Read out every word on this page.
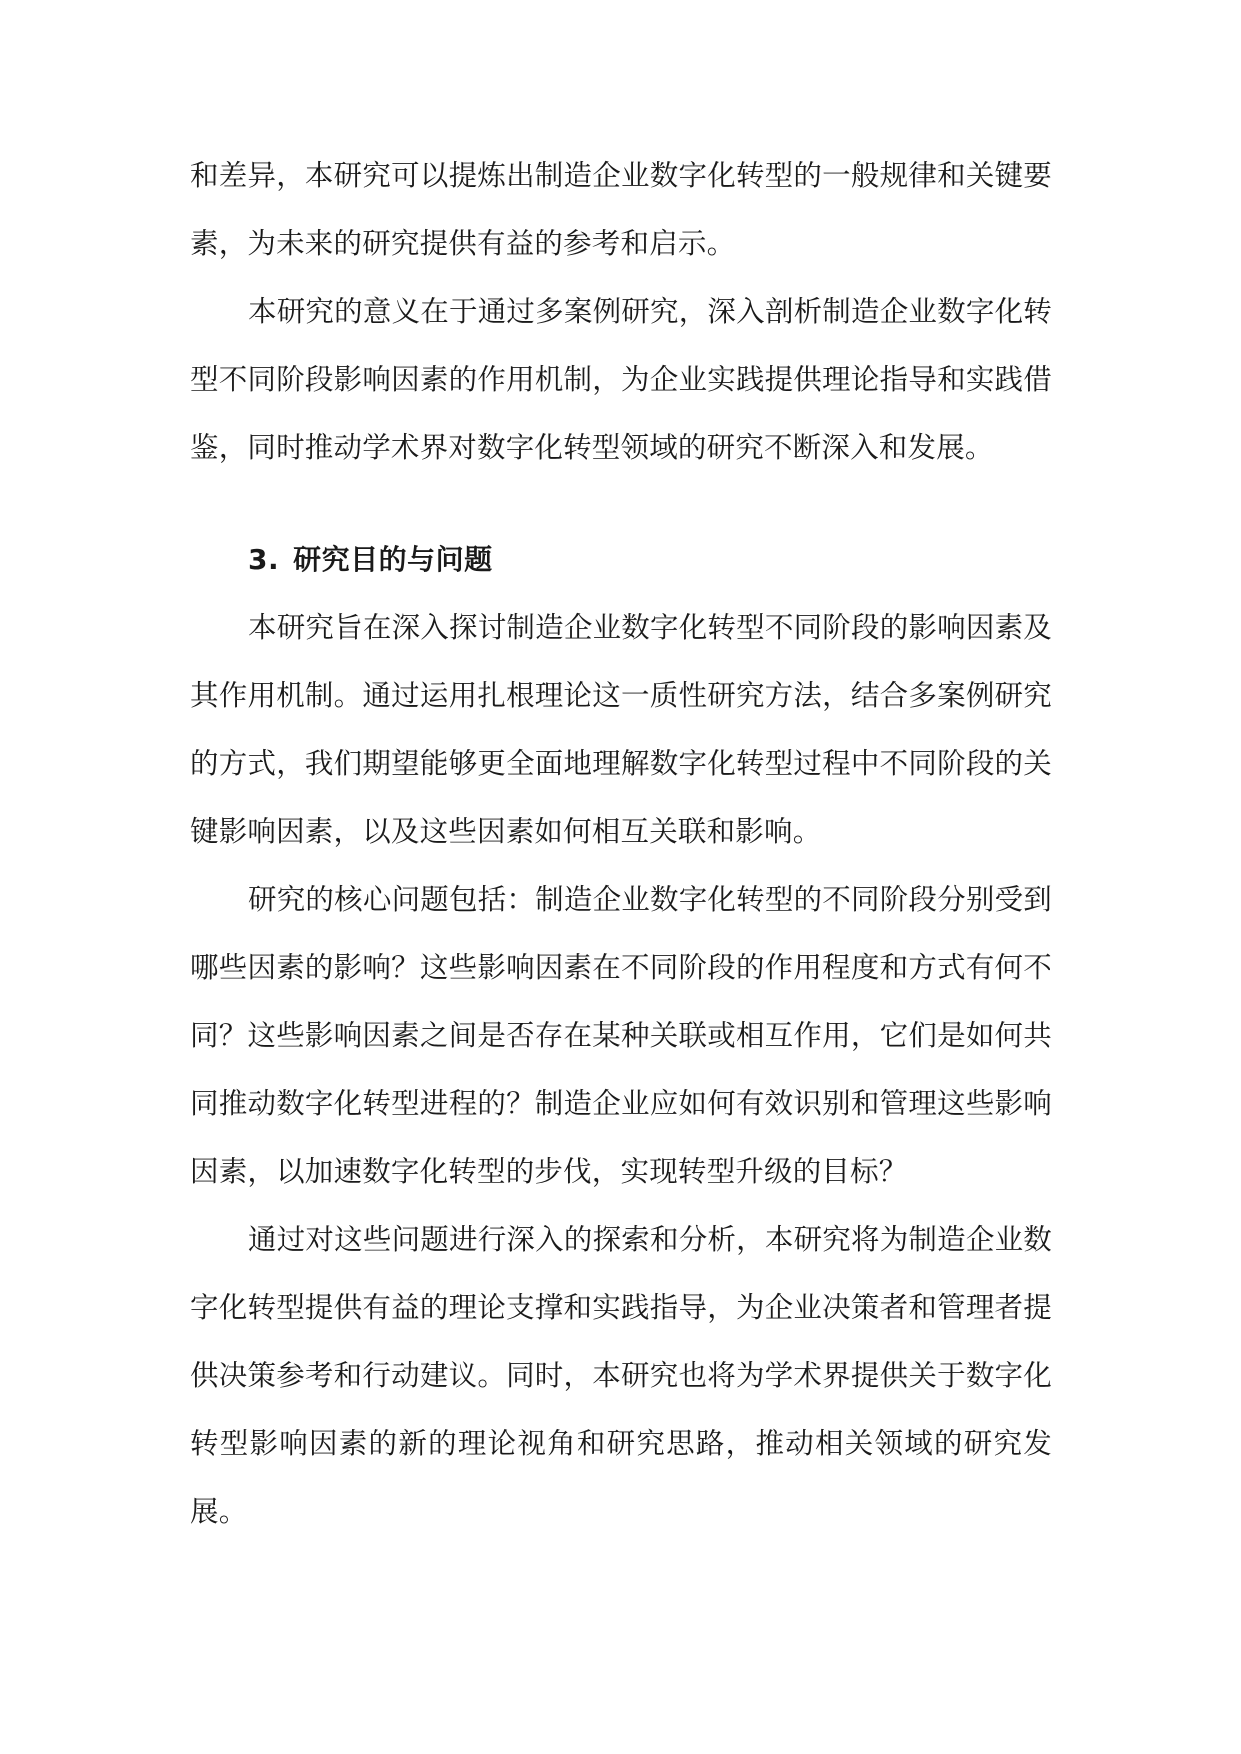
和差异，本研究可以提炼出制造企业数字化转型的一般规律和关键要素，为未来的研究提供有益的参考和启示。

本研究的意义在于通过多案例研究，深入剖析制造企业数字化转型不同阶段影响因素的作用机制，为企业实践提供理论指导和实践借鉴，同时推动学术界对数字化转型领域的研究不断深入和发展。

3. 研究目的与问题

本研究旨在深入探讨制造企业数字化转型不同阶段的影响因素及其作用机制。通过运用扎根理论这一质性研究方法，结合多案例研究的方式，我们期望能够更全面地理解数字化转型过程中不同阶段的关键影响因素，以及这些因素如何相互关联和影响。

研究的核心问题包括：制造企业数字化转型的不同阶段分别受到哪些因素的影响？这些影响因素在不同阶段的作用程度和方式有何不同？这些影响因素之间是否存在某种关联或相互作用，它们是如何共同推动数字化转型进程的？制造企业应如何有效识别和管理这些影响因素，以加速数字化转型的步伐，实现转型升级的目标？

通过对这些问题进行深入的探索和分析，本研究将为制造企业数字化转型提供有益的理论支撑和实践指导，为企业决策者和管理者提供决策参考和行动建议。同时，本研究也将为学术界提供关于数字化转型影响因素的新的理论视角和研究思路，推动相关领域的研究发展。
